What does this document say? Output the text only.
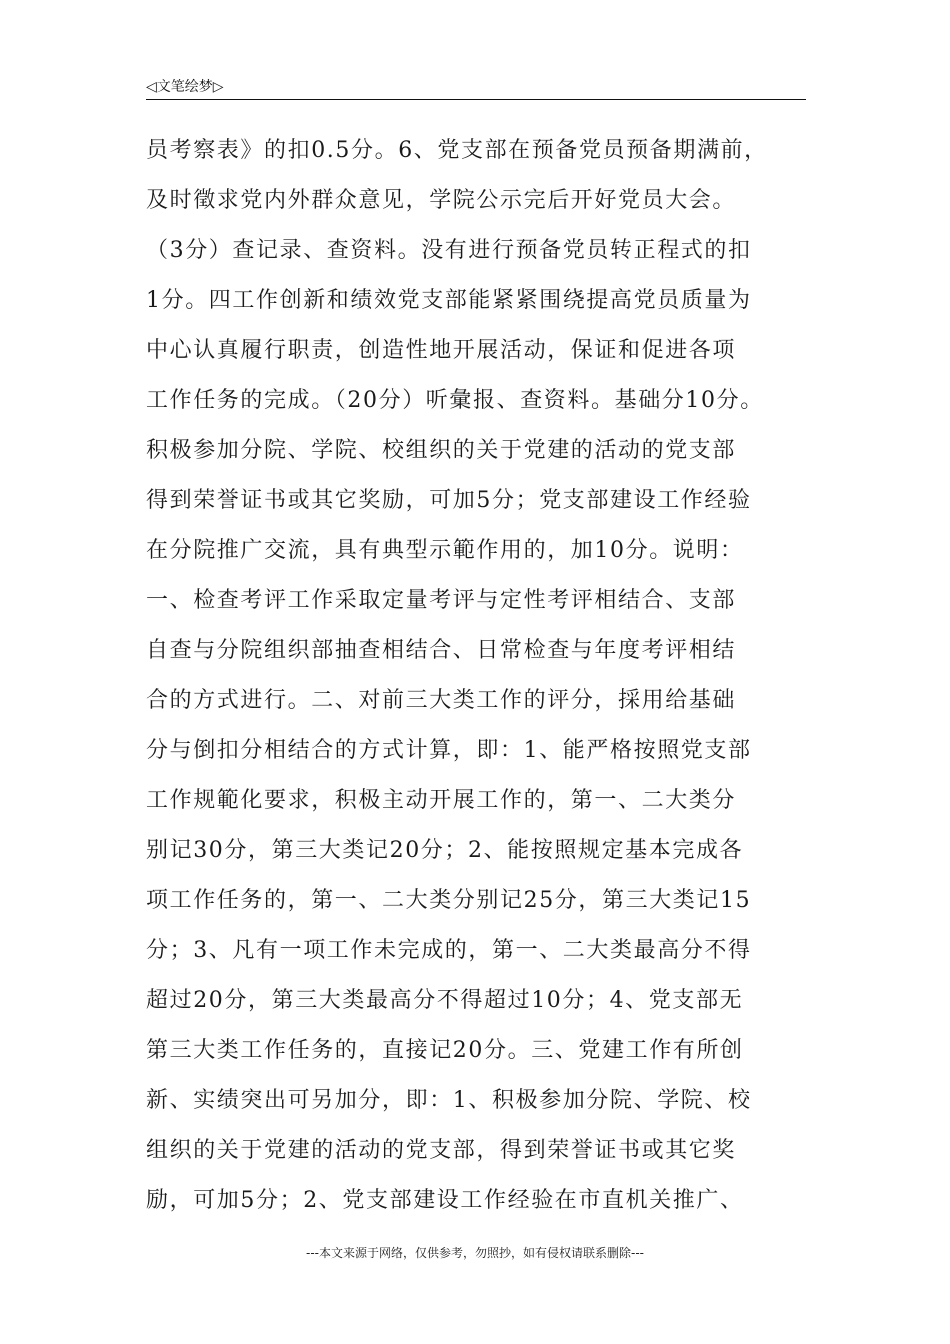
◁文笔绘梦▷
员考察表》的扣0.5分。6、党支部在预备党员预备期满前，
及时徵求党内外群众意见，学院公示完后开好党员大会。
（3分）查记录、查资料。没有进行预备党员转正程式的扣
1分。四工作创新和绩效党支部能紧紧围绕提高党员质量为
中心认真履行职责，创造性地开展活动，保证和促进各项
工作任务的完成。（20分）听彙报、查资料。基础分10分。
积极参加分院、学院、校组织的关于党建的活动的党支部
得到荣誉证书或其它奖励，可加5分；党支部建设工作经验
在分院推广交流，具有典型示範作用的，加10分。说明：
一、检查考评工作采取定量考评与定性考评相结合、支部
自查与分院组织部抽查相结合、日常检查与年度考评相结
合的方式进行。二、对前三大类工作的评分，採用给基础
分与倒扣分相结合的方式计算，即：1、能严格按照党支部
工作规範化要求，积极主动开展工作的，第一、二大类分
别记30分，第三大类记20分；2、能按照规定基本完成各
项工作任务的，第一、二大类分别记25分，第三大类记15
分；3、凡有一项工作未完成的，第一、二大类最高分不得
超过20分，第三大类最高分不得超过10分；4、党支部无
第三大类工作任务的，直接记20分。三、党建工作有所创
新、实绩突出可另加分，即：1、积极参加分院、学院、校
组织的关于党建的活动的党支部，得到荣誉证书或其它奖
励，可加5分；2、党支部建设工作经验在市直机关推广、
---本文来源于网络，仅供参考，勿照抄，如有侵权请联系删除---
